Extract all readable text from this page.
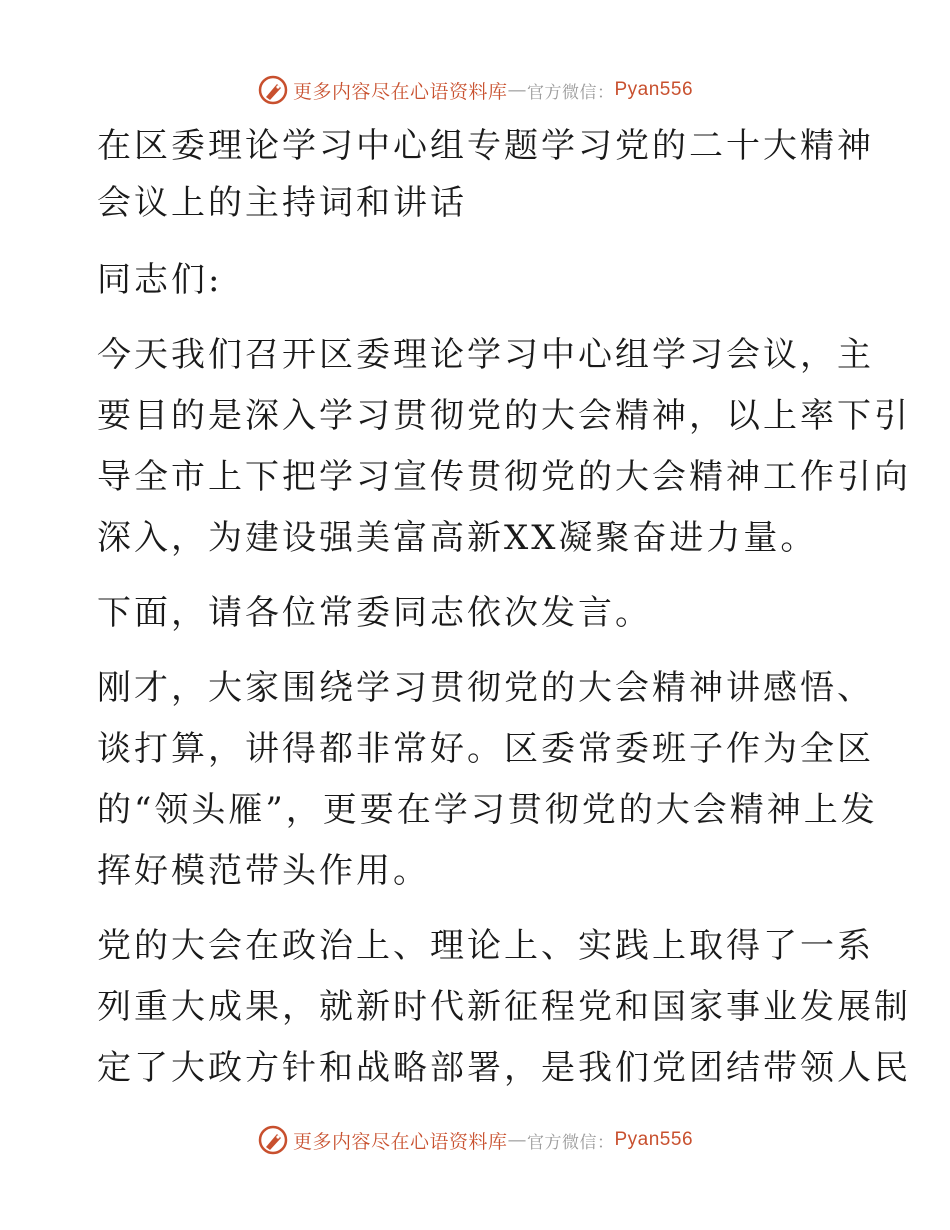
更多内容尽在心语资料库 — 官方微信： Pyan556
在区委理论学习中心组专题学习党的二十大精神
会议上的主持词和讲话

同志们:

今天我们召开区委理论学习中心组学习会议，主
要目的是深入学习贯彻党的大会精神，以上率下引
导全市上下把学习宣传贯彻党的大会精神工作引向
深入，为建设强美富高新XX凝聚奋进力量。

下面，请各位常委同志依次发言。

刚才，大家围绕学习贯彻党的大会精神讲感悟、
谈打算，讲得都非常好。区委常委班子作为全区
的“领头雁”，更要在学习贯彻党的大会精神上发
挥好模范带头作用。

党的大会在政治上、理论上、实践上取得了一系
列重大成果，就新时代新征程党和国家事业发展制
定了大政方针和战略部署，是我们党团结带领人民

更多内容尽在心语资料库 — 官方微信： Pyan556
